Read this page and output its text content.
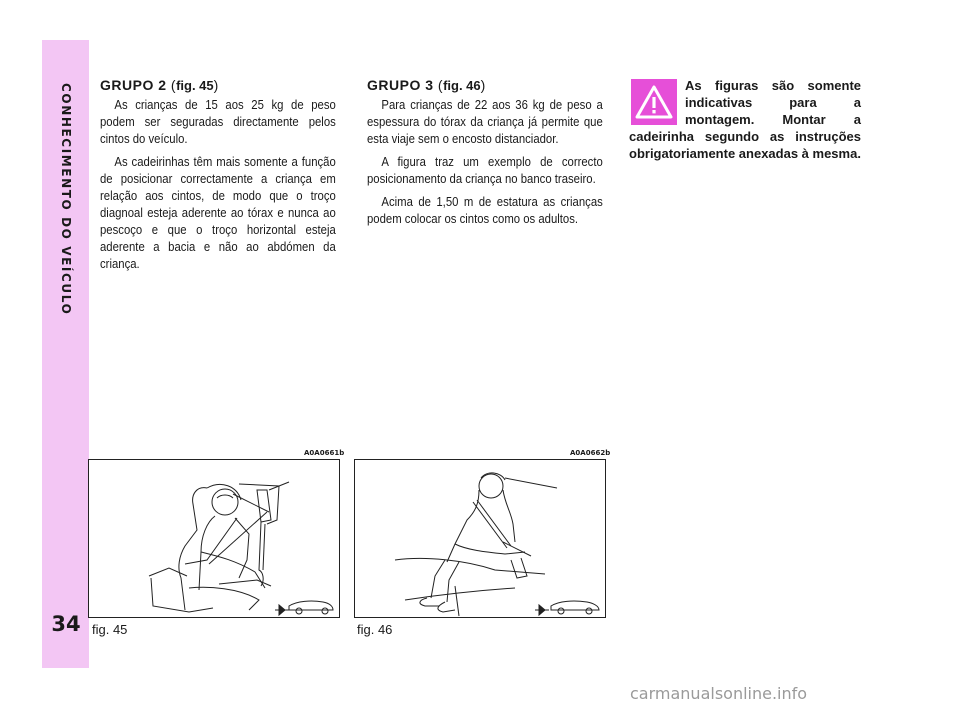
CONHECIMENTO DO VEÍCULO
34
GRUPO 2 (fig. 45)

As crianças de 15 aos 25 kg de peso podem ser seguradas directamente pelos cintos do veículo.

As cadeirinhas têm mais somente a função de posicionar correctamente a criança em relação aos cintos, de modo que o troço diagnoal esteja aderente ao tórax e nunca ao pescoço e que o troço horizontal esteja aderente a bacia e não ao abdómen da criança.

GRUPO 3 (fig. 46)

Para crianças de 22 aos 36 kg de peso a espessura do tórax da criança já permite que esta viaje sem o encosto distanciador.

A figura traz um exemplo de correcto posicionamento da criança no banco traseiro.

Acima de 1,50 m de estatura as crianças podem colocar os cintos como os adultos.

As figuras são somente indicativas para a montagem. Montar a cadeirinha segundo as instruções obrigatoriamente anexadas à mesma.
A0A0661b
fig. 45
A0A0662b
fig. 46
carmanualsonline.info
